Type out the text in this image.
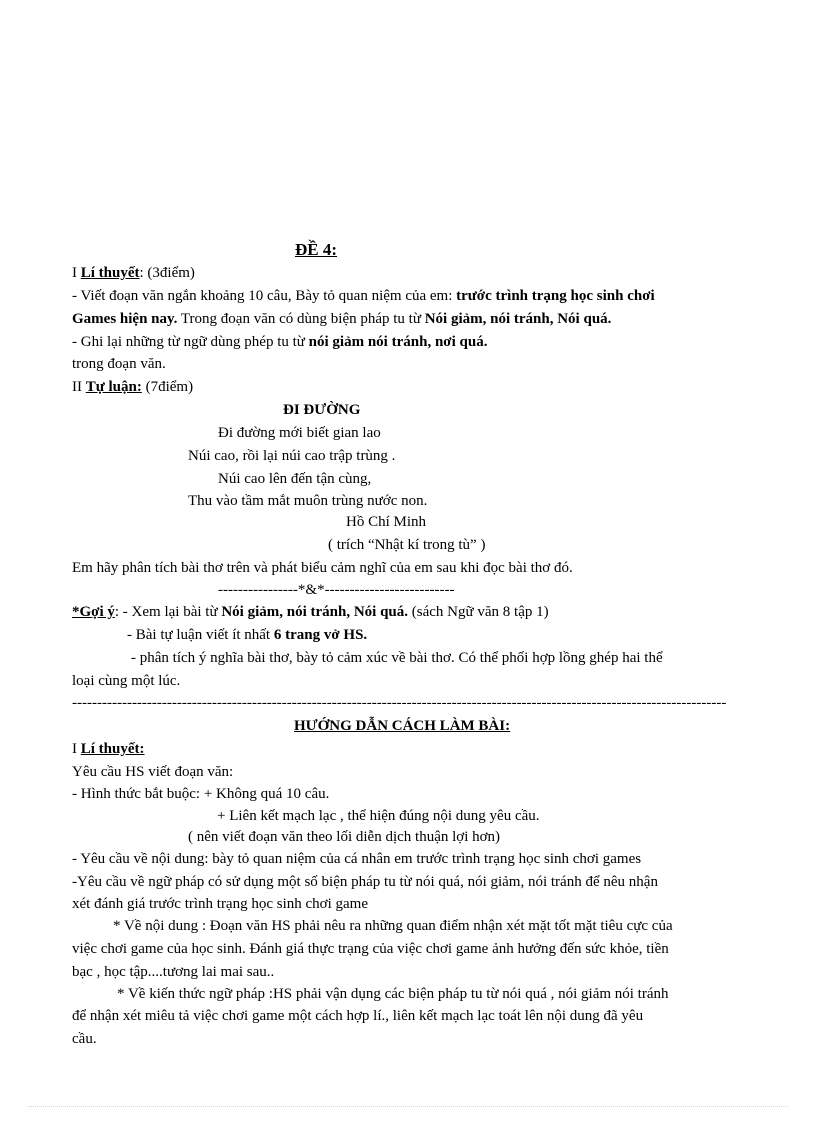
ĐỀ 4:
I Lí thuyết: (3điểm)
- Viết đoạn văn ngắn khoảng 10 câu, Bày tỏ quan niệm của em: trước trình trạng học sinh chơi
Games hiện nay. Trong đoạn văn có dùng biện pháp tu từ Nói giảm, nói tránh, Nói quá.
- Ghi lại những từ ngữ dùng phép tu từ nói giảm nói tránh, nơi quá.
trong đoạn văn.
II Tự luận: (7điểm)
ĐI ĐƯỜNG
Đi đường mới biết gian lao
Núi cao, rồi lại núi cao trập trùng .
Núi cao lên đến tận cùng,
Thu vào tầm mắt muôn trùng nước non.
Hồ Chí Minh
( trích “Nhật kí trong tù” )
Em hãy phân tích bài thơ trên và phát biểu cảm nghĩ của em sau khi đọc bài thơ đó.
----------------*&*--------------------------
*Gợi ý: - Xem lại bài từ Nói giảm, nói tránh, Nói quá. (sách Ngữ văn 8 tập 1)
- Bài tự luận viết ít nhất 6 trang vở HS.
- phân tích ý nghĩa bài thơ, bày tỏ cảm xúc về bài thơ. Có thể phối hợp lồng ghép hai thể
loại cùng một lúc.
-----------------------------------------------------------------------------------------------------------------------------------
HƯỚNG DẪN CÁCH LÀM BÀI:
I Lí thuyết:
Yêu cầu HS viết đoạn văn:
- Hình thức bắt buộc: + Không quá 10 câu.
+ Liên kết mạch lạc , thể hiện đúng nội dung yêu cầu.
( nên viết đoạn văn theo lối diễn dịch thuận lợi hơn)
- Yêu cầu về nội dung: bày tỏ quan niệm của cá nhân em trước trình trạng học sinh chơi games
-Yêu cầu về ngữ pháp có sử dụng một số biện pháp tu từ nói quá, nói giảm, nói tránh để nêu nhận
xét đánh giá trước trình trạng học sinh chơi game
* Về nội dung : Đoạn văn HS phải nêu ra những quan điểm nhận xét mặt tốt mặt tiêu cực của
việc chơi game của học sinh. Đánh giá thực trạng của việc chơi game ảnh hưởng đến sức khỏe, tiền
bạc , học tập....tương lai mai sau..
* Về kiến thức ngữ pháp :HS phải vận dụng các biện pháp tu từ nói quá , nói giảm nói tránh
để nhận xét miêu tả việc chơi game một cách hợp lí., liên kết mạch lạc toát lên nội dung đã yêu
cầu.
